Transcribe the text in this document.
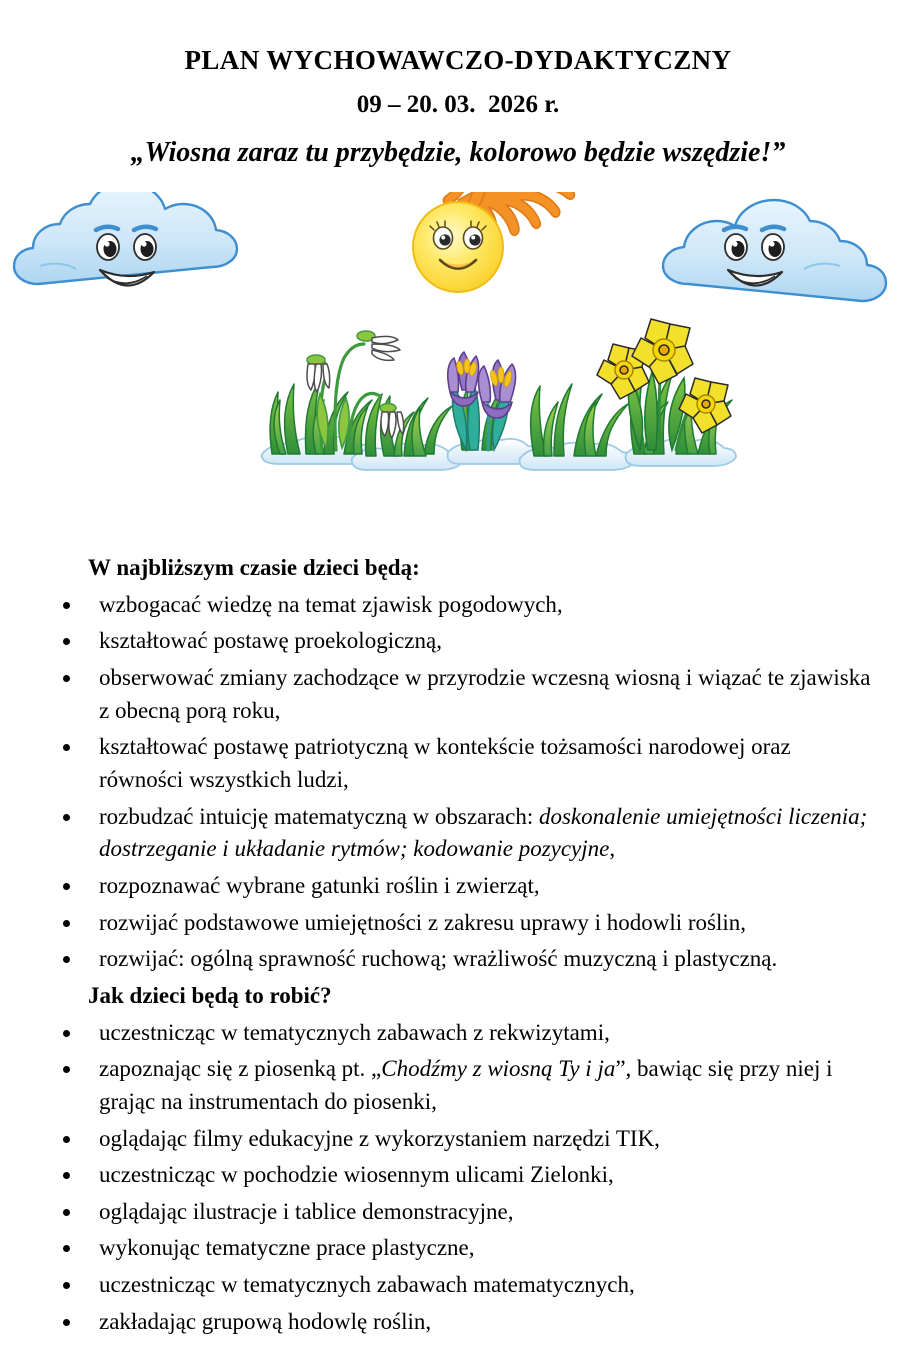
PLAN WYCHOWAWCZO-DYDAKTYCZNY
09 – 20. 03.  2026 r.
„Wiosna zaraz tu przybędzie, kolorowo będzie wszędzie!”
W najbliższym czasie dzieci będą:
wzbogacać wiedzę na temat zjawisk pogodowych,
kształtować postawę proekologiczną,
obserwować zmiany zachodzące w przyrodzie wczesną wiosną i wiązać te zjawiska z obecną porą roku,
kształtować postawę patriotyczną w kontekście tożsamości narodowej oraz równości wszystkich ludzi,
rozbudzać intuicję matematyczną w obszarach: doskonalenie umiejętności liczenia; dostrzeganie i układanie rytmów; kodowanie pozycyjne,
rozpoznawać wybrane gatunki roślin i zwierząt,
rozwijać podstawowe umiejętności z zakresu uprawy i hodowli roślin,
rozwijać: ogólną sprawność ruchową; wrażliwość muzyczną i plastyczną.
Jak dzieci będą to robić?
uczestnicząc w tematycznych zabawach z rekwizytami,
zapoznając się z piosenką pt. „Chodźmy z wiosną Ty i ja”, bawiąc się przy niej i grając na instrumentach do piosenki,
oglądając filmy edukacyjne z wykorzystaniem narzędzi TIK,
uczestnicząc w pochodzie wiosennym ulicami Zielonki,
oglądając ilustracje i tablice demonstracyjne,
wykonując tematyczne prace plastyczne,
uczestnicząc w tematycznych zabawach matematycznych,
zakładając grupową hodowlę roślin,
